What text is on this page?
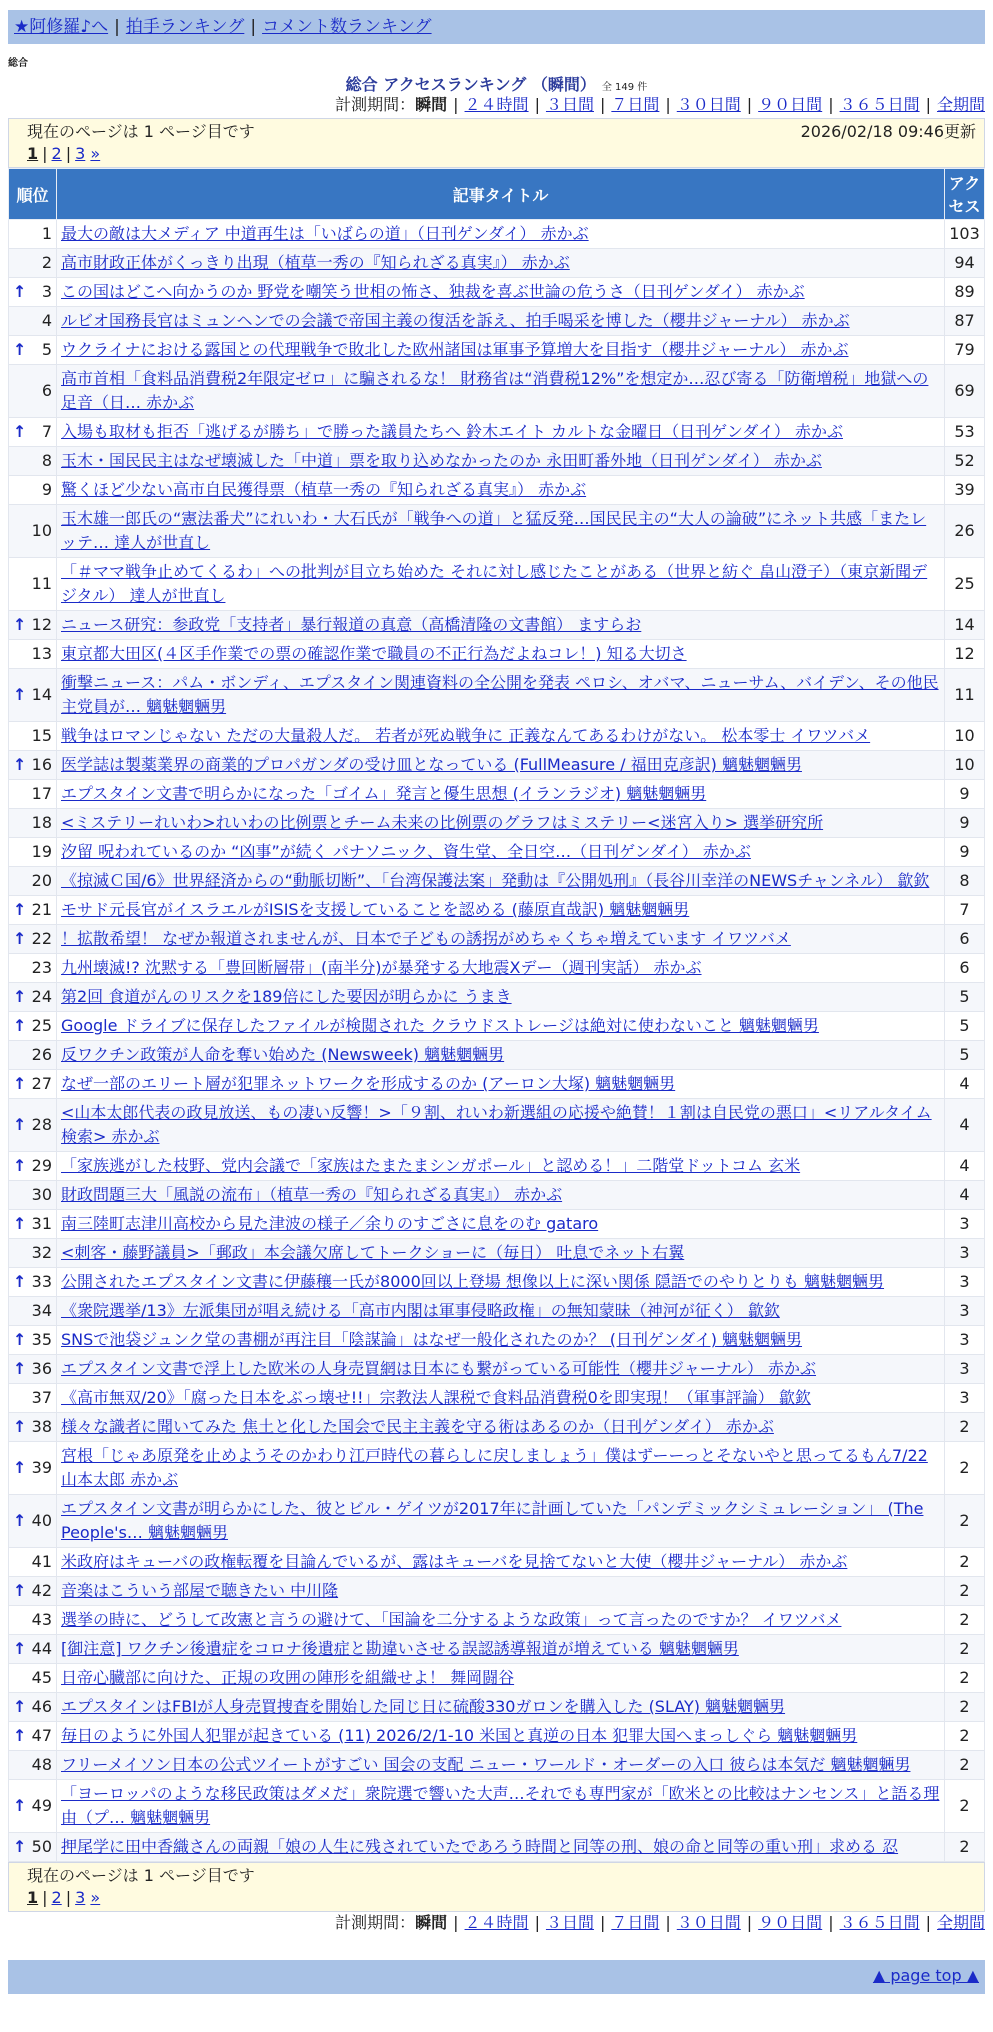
★阿修羅♪へ | 拍手ランキング | コメント数ランキング
総合
総合 アクセスランキング （瞬間） 全 149 件
計測期間：瞬間 | ２４時間 | ３日間 | ７日間 | ３０日間 | ９０日間 | ３６５日間 | 全期間
現在のページは 1 ページ目です	2026/02/18 09:46更新
1 | 2 | 3 »
順位	記事タイトル	アクセス
1	最大の敵は大メディア 中道再生は「いばらの道」（日刊ゲンダイ） 赤かぶ	103
2	高市財政正体がくっきり出現（植草一秀の『知られざる真実』） 赤かぶ	94

↑ 3	この国はどこへ向かうのか 野党を嘲笑う世相の怖さ、独裁を喜ぶ世論の危うさ（日刊ゲンダイ） 赤かぶ	89
4	ルビオ国務長官はミュンヘンでの会議で帝国主義の復活を訴え、拍手喝采を博した（櫻井ジャーナル） 赤かぶ	87

↑ 5	ウクライナにおける露国との代理戦争で敗北した欧州諸国は軍事予算増大を目指す（櫻井ジャーナル） 赤かぶ	79
6	高市首相「食料品消費税2年限定ゼロ」に騙されるな！ 財務省は“消費税12%”を想定か…忍び寄る「防衛増税」地獄への足音（日… 赤かぶ	69

↑ 7	入場も取材も拒否「逃げるが勝ち」で勝った議員たちへ 鈴木エイト カルトな金曜日（日刊ゲンダイ） 赤かぶ	53
8	玉木・国民民主はなぜ壊滅した「中道」票を取り込めなかったのか 永田町番外地（日刊ゲンダイ） 赤かぶ	52
9	驚くほど少ない高市自民獲得票（植草一秀の『知られざる真実』） 赤かぶ	39
10	玉木雄一郎氏の“憲法番犬”にれいわ・大石氏が「戦争への道」と猛反発…国民民主の“大人の論破”にネット共感「またレッテ… 達人が世直し	26
11	「＃ママ戦争止めてくるわ」への批判が目立ち始めた それに対し感じたことがある（世界と紡ぐ 畠山澄子）（東京新聞デジタル） 達人が世直し	25

↑ 12	ニュース研究：参政党「支持者」暴行報道の真意（高橋清隆の文書館） ますらお	14
13	東京都大田区(４区手作業での票の確認作業で職員の不正行為だよねコレ！) 知る大切さ	12

↑ 14	衝撃ニュース：パム・ボンディ、エプスタイン関連資料の全公開を発表 ペロシ、オバマ、ニューサム、バイデン、その他民主党員が… 魑魅魍魎男	11
15	戦争はロマンじゃない ただの大量殺人だ。 若者が死ぬ戦争に 正義なんてあるわけがない。 松本零士 イワツバメ	10

↑ 16	医学誌は製薬業界の商業的プロパガンダの受け皿となっている (FullMeasure / 福田克彦訳) 魑魅魍魎男	10
17	エプスタイン文書で明らかになった「ゴイム」発言と優生思想 (イランラジオ) 魑魅魍魎男	9
18	<ミステリーれいわ>れいわの比例票とチーム未来の比例票のグラフはミステリー<迷宮入り> 選挙研究所	9
19	汐留 呪われているのか “凶事”が続く パナソニック、資生堂、全日空…（日刊ゲンダイ） 赤かぶ	9
20	《掠滅Ｃ国/6》世界経済からの“動脈切断”、「台湾保護法案」発動は『公開処刑』（長谷川幸洋のNEWSチャンネル） 歙欽	8

↑ 21	モサド元長官がイスラエルがISISを支援していることを認める (藤原直哉訳) 魑魅魍魎男	7

↑ 22	！拡散希望！ なぜか報道されませんが、日本で子どもの誘拐がめちゃくちゃ増えています イワツバメ	6
23	九州壊滅!? 沈黙する「豊回断層帯」(南半分)が暴発する大地震Xデー（週刊実話） 赤かぶ	6

↑ 24	第2回 食道がんのリスクを189倍にした要因が明らかに うまき	5

↑ 25	Google ドライブに保存したファイルが検閲された クラウドストレージは絶対に使わないこと 魑魅魍魎男	5
26	反ワクチン政策が人命を奪い始めた (Newsweek) 魑魅魍魎男	5

↑ 27	なぜ一部のエリート層が犯罪ネットワークを形成するのか (アーロン大塚) 魑魅魍魎男	4

↑ 28	<山本太郎代表の政見放送、もの凄い反響！>「９割、れいわ新選組の応援や絶賛！１割は自民党の悪口」<リアルタイム検索> 赤かぶ	4

↑ 29	「家族逃がした枝野、党内会議で「家族はたまたまシンガポール」と認める！」二階堂ドットコム 玄米	4
30	財政問題三大「風説の流布」（植草一秀の『知られざる真実』） 赤かぶ	4

↑ 31	南三陸町志津川高校から見た津波の様子／余りのすごさに息をのむ gataro	3
32	<刺客・藤野議員>「郵政」本会議欠席してトークショーに（毎日） 吐息でネット右翼	3

↑ 33	公開されたエプスタイン文書に伊藤穰一氏が8000回以上登場 想像以上に深い関係 隠語でのやりとりも 魑魅魍魎男	3
34	《衆院選挙/13》左派集団が唱え続ける「高市内閣は軍事侵略政権」の無知蒙昧（神河が征く） 歙欽	3

↑ 35	SNSで池袋ジュンク堂の書棚が再注目「陰謀論」はなぜ一般化されたのか？ (日刊ゲンダイ) 魑魅魍魎男	3

↑ 36	エプスタイン文書で浮上した欧米の人身売買網は日本にも繋がっている可能性（櫻井ジャーナル） 赤かぶ	3
37	《高市無双/20》「腐った日本をぶっ壊せ!!」宗教法人課税で食料品消費税0を即実現！（軍事評論） 歙欽	3

↑ 38	様々な識者に聞いてみた 焦土と化した国会で民主主義を守る術はあるのか（日刊ゲンダイ） 赤かぶ	2

↑ 39	宮根「じゃあ原発を止めようそのかわり江戸時代の暮らしに戻しましょう」僕はずーーっとそないやと思ってるもん7/22山本太郎 赤かぶ	2

↑ 40	エプスタイン文書が明らかにした、彼とビル・ゲイツが2017年に計画していた「パンデミックシミュレーション」 (The People's… 魑魅魍魎男	2
41	米政府はキューバの政権転覆を目論んでいるが、露はキューバを見捨てないと大使（櫻井ジャーナル） 赤かぶ	2

↑ 42	音楽はこういう部屋で聴きたい 中川隆	2
43	選挙の時に、どうして改憲と言うの避けて、「国論を二分するような政策」って言ったのですか？ イワツバメ	2

↑ 44	[御注意] ワクチン後遺症をコロナ後遺症と勘違いさせる誤認誘導報道が増えている 魑魅魍魎男	2
45	日帝心臓部に向けた、正規の攻囲の陣形を組織せよ！ 舞岡闘谷	2

↑ 46	エプスタインはFBIが人身売買捜査を開始した同じ日に硫酸330ガロンを購入した (SLAY) 魑魅魍魎男	2

↑ 47	毎日のように外国人犯罪が起きている (11) 2026/2/1-10 米国と真逆の日本 犯罪大国へまっしぐら 魑魅魍魎男	2
48	フリーメイソン日本の公式ツイートがすごい 国会の支配 ニュー・ワールド・オーダーの入口 彼らは本気だ 魑魅魍魎男	2

↑ 49	「ヨーロッパのような移民政策はダメだ」衆院選で響いた大声…それでも専門家が「欧米との比較はナンセンス」と語る理由（プ… 魑魅魍魎男	2

↑ 50	押尾学に田中香織さんの両親「娘の人生に残されていたであろう時間と同等の刑、娘の命と同等の重い刑」求める 忍	2
現在のページは 1 ページ目です
1 | 2 | 3 »
計測期間：瞬間 | ２４時間 | ３日間 | ７日間 | ３０日間 | ９０日間 | ３６５日間 | 全期間
▲ page top ▲
